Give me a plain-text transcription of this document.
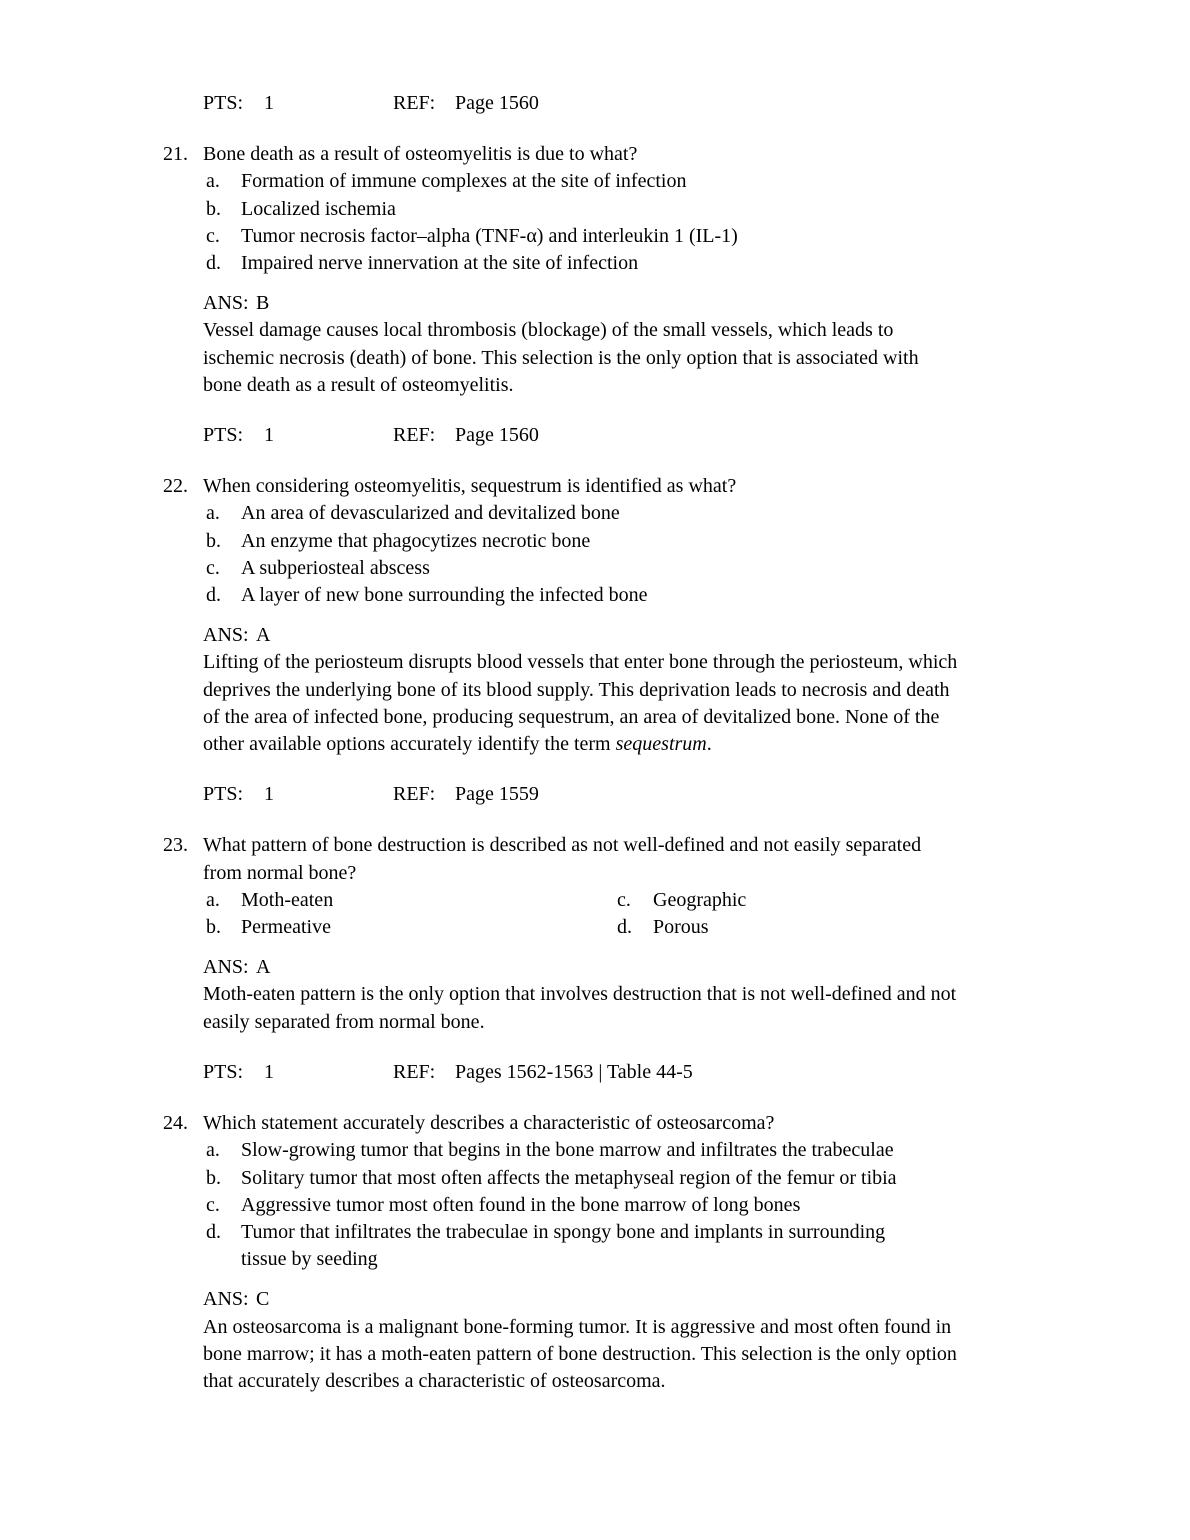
PTS: 1	REF: Page 1560
21. Bone death as a result of osteomyelitis is due to what?
a.	Formation of immune complexes at the site of infection
b.	Localized ischemia
c.	Tumor necrosis factor–alpha (TNF-α) and interleukin 1 (IL-1)
d.	Impaired nerve innervation at the site of infection
ANS: B
Vessel damage causes local thrombosis (blockage) of the small vessels, which leads to
ischemic necrosis (death) of bone. This selection is the only option that is associated with
bone death as a result of osteomyelitis.
PTS: 1	REF: Page 1560
22. When considering osteomyelitis, sequestrum is identified as what?
a.	An area of devascularized and devitalized bone
b.	An enzyme that phagocytizes necrotic bone
c.	A subperiosteal abscess
d.	A layer of new bone surrounding the infected bone
ANS: A
Lifting of the periosteum disrupts blood vessels that enter bone through the periosteum, which
deprives the underlying bone of its blood supply. This deprivation leads to necrosis and death
of the area of infected bone, producing sequestrum, an area of devitalized bone. None of the
other available options accurately identify the term sequestrum.
PTS: 1	REF: Page 1559
23. What pattern of bone destruction is described as not well-defined and not easily separated
from normal bone?
a.	Moth-eaten	c.	Geographic
b.	Permeative	d.	Porous
ANS: A
Moth-eaten pattern is the only option that involves destruction that is not well-defined and not
easily separated from normal bone.
PTS: 1	REF: Pages 1562-1563 | Table 44-5
24. Which statement accurately describes a characteristic of osteosarcoma?
a.	Slow-growing tumor that begins in the bone marrow and infiltrates the trabeculae
b.	Solitary tumor that most often affects the metaphyseal region of the femur or tibia
c.	Aggressive tumor most often found in the bone marrow of long bones
d.	Tumor that infiltrates the trabeculae in spongy bone and implants in surrounding
tissue by seeding
ANS: C
An osteosarcoma is a malignant bone-forming tumor. It is aggressive and most often found in
bone marrow; it has a moth-eaten pattern of bone destruction. This selection is the only option
that accurately describes a characteristic of osteosarcoma.
